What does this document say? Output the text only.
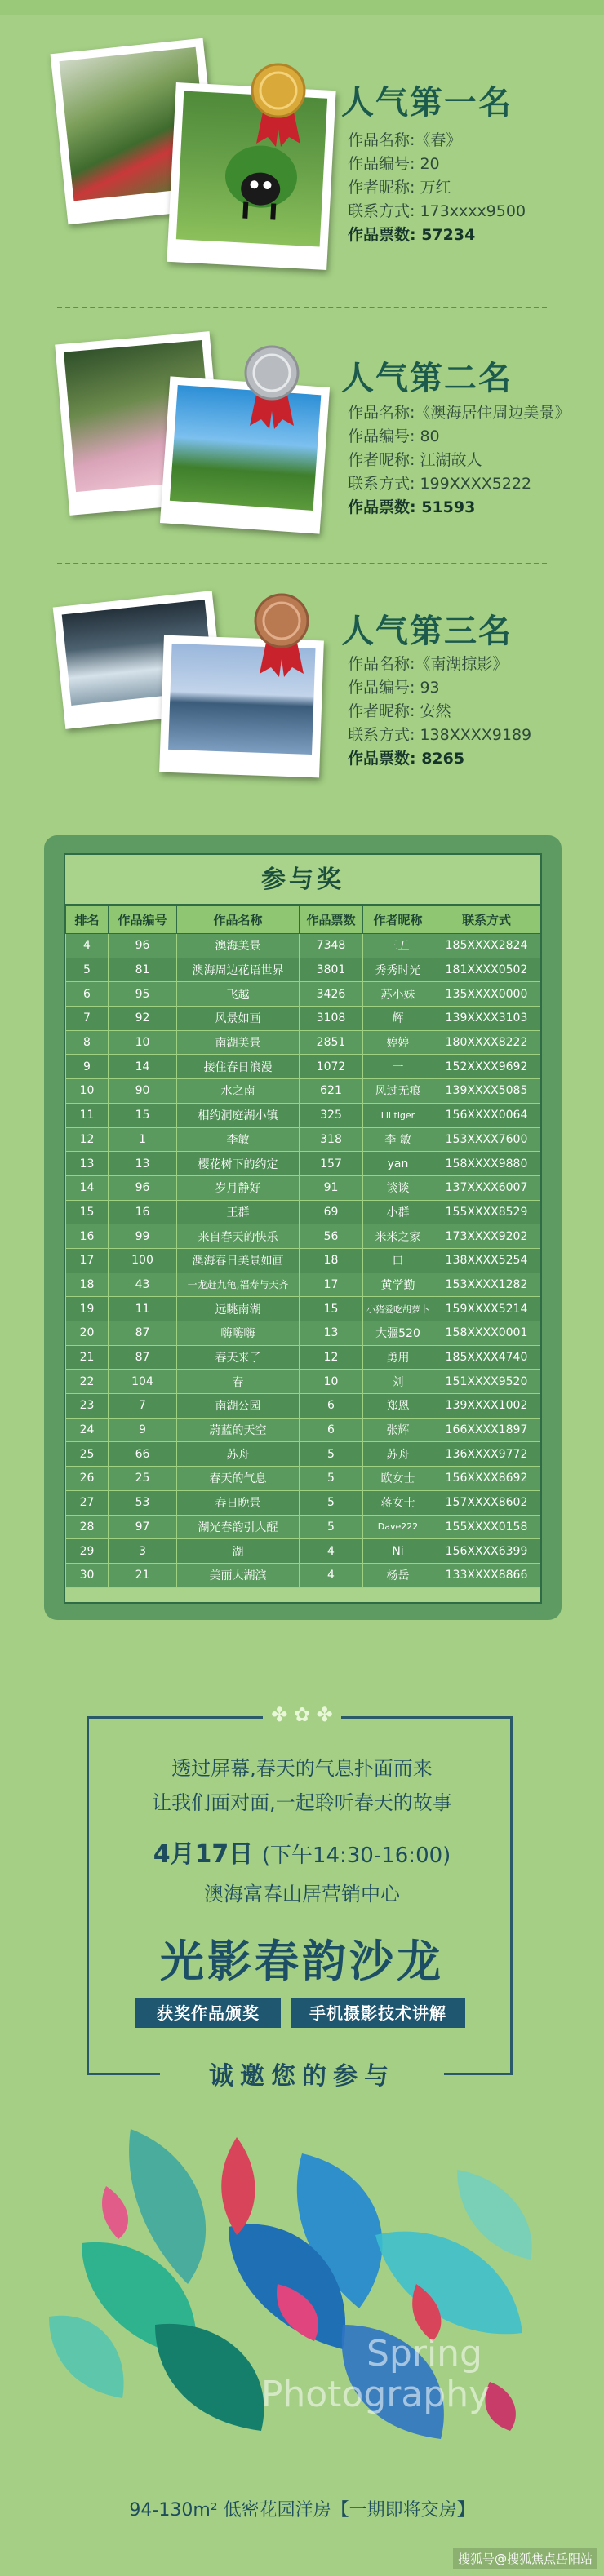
人气第一名
作品名称:《春》
作品编号: 20
作者昵称: 万红
联系方式: 173xxxx9500
作品票数: 57234
人气第二名
作品名称:《澳海居住周边美景》
作品编号: 80
作者昵称: 江湖故人
联系方式: 199XXXX5222
作品票数: 51593
人气第三名
作品名称:《南湖掠影》
作品编号: 93
作者昵称: 安然
联系方式: 138XXXX9189
作品票数: 8265
参与奖
排名	作品编号	作品名称	作品票数	作者昵称	联系方式
4	96	澳海美景	7348	三五	185XXXX2824
5	81	澳海周边花语世界	3801	秀秀时光	181XXXX0502
6	95	飞越	3426	苏小妹	135XXXX0000
7	92	风景如画	3108	辉	139XXXX3103
8	10	南湖美景	2851	婷婷	180XXXX8222
9	14	接住春日浪漫	1072	一	152XXXX9692
10	90	水之南	621	风过无痕	139XXXX5085
11	15	相约洞庭湖小镇	325	Lil tiger	156XXXX0064
12	1	李敏	318	李 敏	153XXXX7600
13	13	樱花树下的约定	157	yan	158XXXX9880
14	96	岁月静好	91	谈谈	137XXXX6007
15	16	王群	69	小群	155XXXX8529
16	99	来自春天的快乐	56	米米之家	173XXXX9202
17	100	澳海春日美景如画	18	口	138XXXX5254
18	43	一龙赶九龟,福寿与天齐	17	黄学勤	153XXXX1282
19	11	远眺南湖	15	小猪爱吃胡萝卜	159XXXX5214
20	87	嗨嗨嗨	13	大疆520	158XXXX0001
21	87	春天来了	12	勇用	185XXXX4740
22	104	春	10	刘	151XXXX9520
23	7	南湖公园	6	郑恩	139XXXX1002
24	9	蔚蓝的天空	6	张辉	166XXXX1897
25	66	苏舟	5	苏舟	136XXXX9772
26	25	春天的气息	5	欧女士	156XXXX8692
27	53	春日晚景	5	蒋女士	157XXXX8602
28	97	湖光春韵引人醒	5	Dave222	155XXXX0158
29	3	湖	4	Ni	156XXXX6399
30	21	美丽大湖滨	4	杨岳	133XXXX8866
✤ ✿ ✤
透过屏幕,春天的气息扑面而来
让我们面对面,一起聆听春天的故事
4月17日 (下午14:30-16:00)
澳海富春山居营销中心
光影春韵沙龙
获奖作品颁奖	手机摄影技术讲解
诚邀您的参与
Spring
Photography
94-130m² 低密花园洋房【一期即将交房】
搜狐号@搜狐焦点岳阳站
